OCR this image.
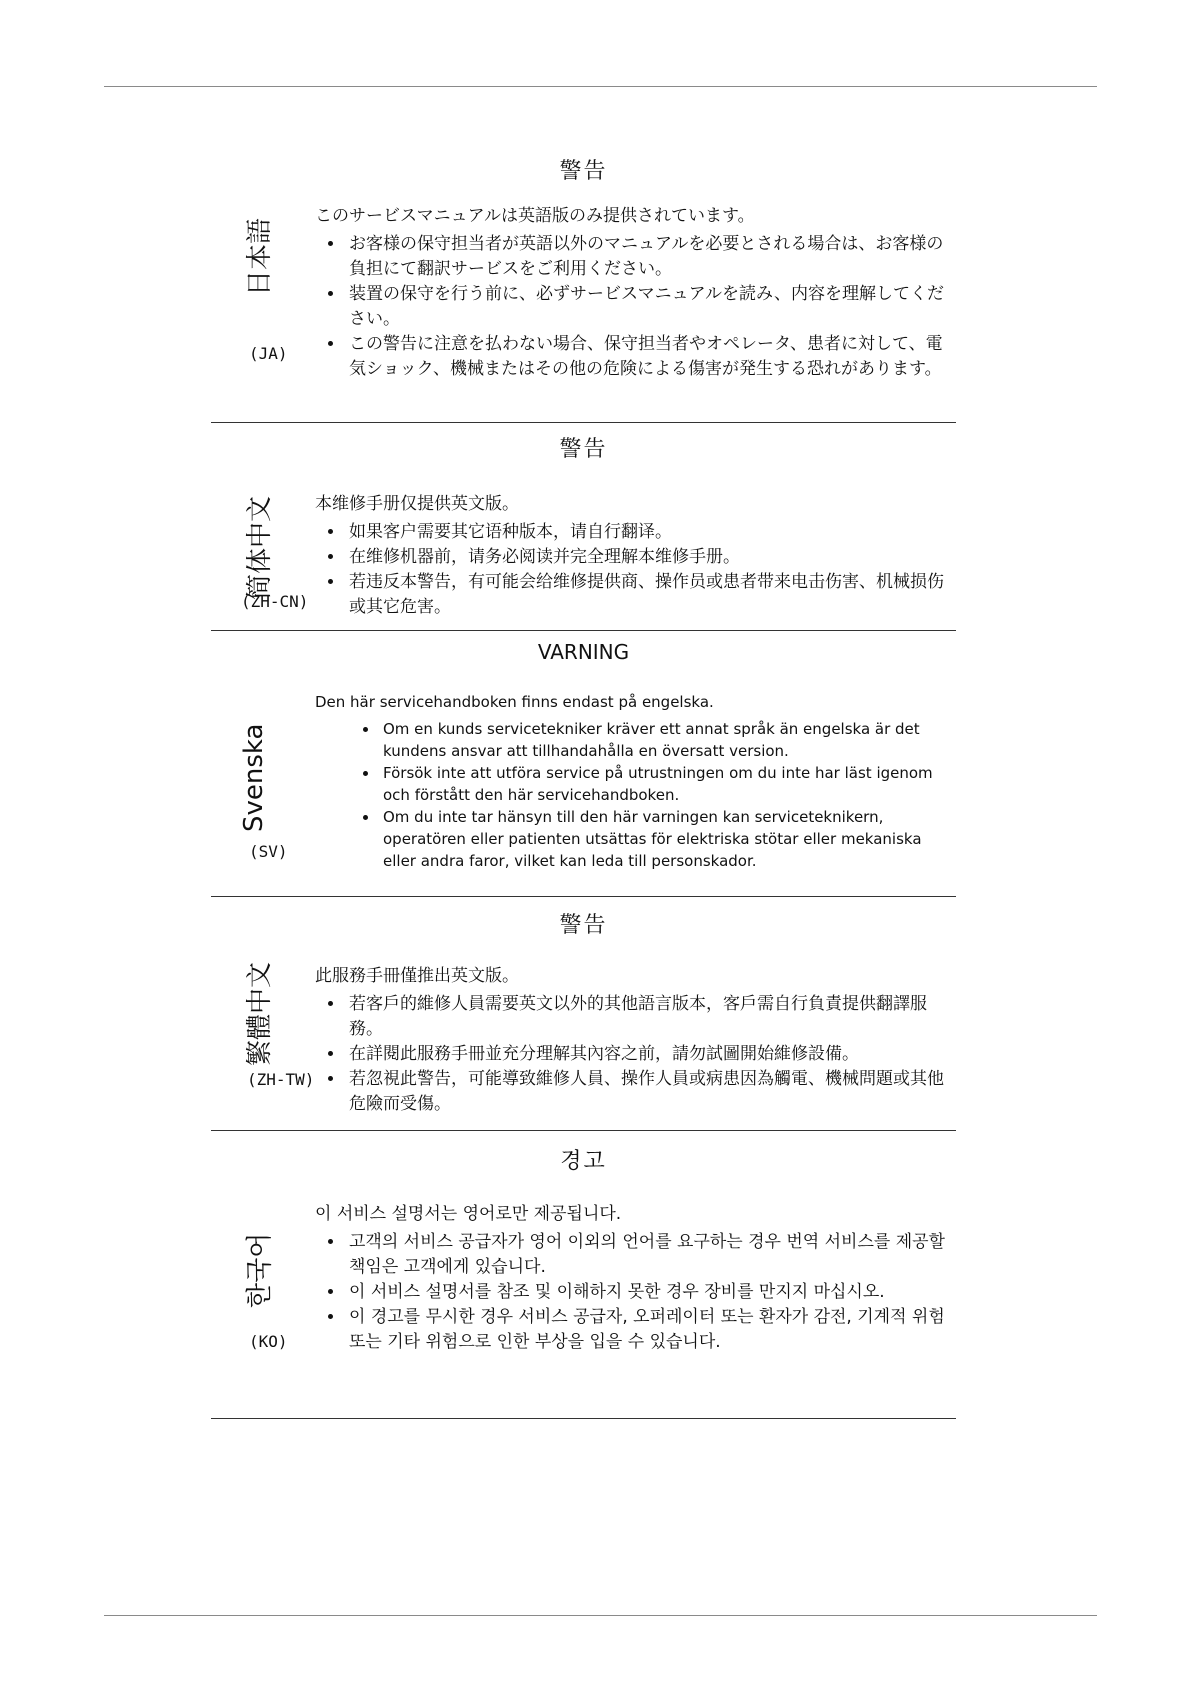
警告
日本語
(JA)

このサービスマニュアルは英語版のみ提供されています。

• お客様の保守担当者が英語以外のマニュアルを必要とされる場合は、お客様の負担にて翻訳サービスをご利用ください。
• 装置の保守を行う前に、必ずサービスマニュアルを読み、内容を理解してください。
• この警告に注意を払わない場合、保守担当者やオペレータ、患者に対して、電気ショック、機械またはその他の危険による傷害が発生する恐れがあります。
警告
简体中文
(ZH-CN)

本维修手册仅提供英文版。

• 如果客户需要其它语种版本，请自行翻译。
• 在维修机器前，请务必阅读并完全理解本维修手册。
• 若违反本警告，有可能会给维修提供商、操作员或患者带来电击伤害、机械损伤或其它危害。
VARNING
Svenska
(SV)

Den här servicehandboken finns endast på engelska.

• Om en kunds servicetekniker kräver ett annat språk än engelska är det kundens ansvar att tillhandahålla en översatt version.
• Försök inte att utföra service på utrustningen om du inte har läst igenom och förstått den här servicehandboken.
• Om du inte tar hänsyn till den här varningen kan serviceteknikern, operatören eller patienten utsättas för elektriska stötar eller mekaniska eller andra faror, vilket kan leda till personskador.
警告
繁體中文
(ZH-TW)

此服務手冊僅推出英文版。

• 若客戶的維修人員需要英文以外的其他語言版本，客戶需自行負責提供翻譯服務。
• 在詳閱此服務手冊並充分理解其內容之前，請勿試圖開始維修設備。
• 若忽視此警告，可能導致維修人員、操作人員或病患因為觸電、機械問題或其他危險而受傷。
경고
한국어
(KO)

이 서비스 설명서는 영어로만 제공됩니다.

• 고객의 서비스 공급자가 영어 이외의 언어를 요구하는 경우 번역 서비스를 제공할 책임은 고객에게 있습니다.
• 이 서비스 설명서를 참조 및 이해하지 못한 경우 장비를 만지지 마십시오.
• 이 경고를 무시한 경우 서비스 공급자, 오퍼레이터 또는 환자가 감전, 기계적 위험 또는 기타 위험으로 인한 부상을 입을 수 있습니다.
